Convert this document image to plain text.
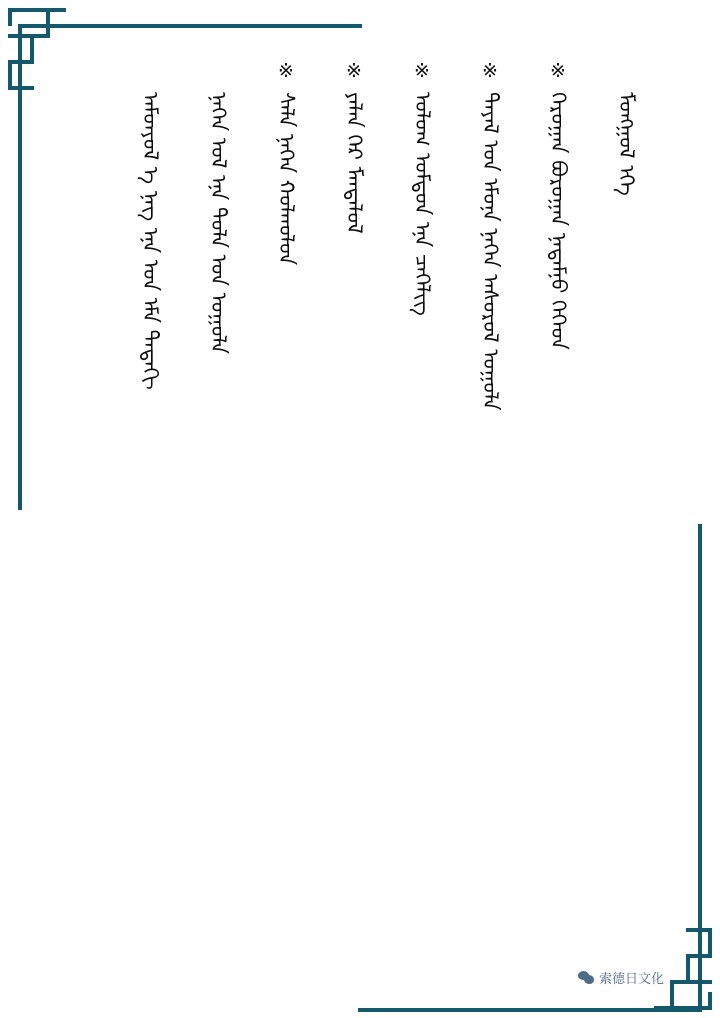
ᠮᠣᠩᠭᠣᠯ ᠡᠭᠡ
※
ᠬᠡᠷᠤᠭᠠᠨ ᠪᠤᠷᠤᠭᠠᠨ ᠨᠠᠲᠠᠮᠨᠤ ᠭᠡᠭᠡᠳ
※
ᠲᠠᠶᠠᠯ ᠤᠨ ᠡᠮᠤᠨᠡ ᠨᠡᠭᠡᠨ ᠠᠰᠤᠷᠤᠯ ᠤᠭᠤᠯᠡ
※
ᠤᠯᠤᠭ ᠤᠮᠳᠤᠨ ᠡᠨᠡ ᠴᠠᠭᠡᠯᠢᠭ
※
ᠶᠡᠯᠡᠨ ᠬᠡᠷ ᠮᠡᠨᠳᠠᠯᠤᠯ
※
ᠰᠡᠯᠡ ᠨᠡᠭᠡᠨ ᠬᠤᠯᠬᠤᠯᠤᠨ
ᠨᠡᠭᠡᠨ ᠤᠯ ᠡᠨᠡ ᠳᠤᠯᠡ ᠤᠨ ᠤᠭᠤᠯᠡ
ᠠᠮᠤᠨᠶᠤᠯ ᠡ ᠨᠡᠭ ᠡᠨᠡ ᠤᠨ ᠡᠮᠡ ᠳᠡᠳᠡᠭᠢ
索德日文化
